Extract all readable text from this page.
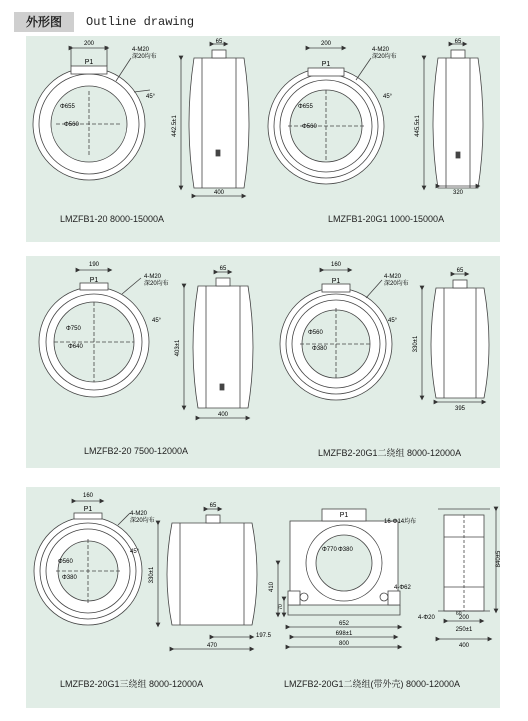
外形图	Outline drawing
200
P1
4-M20
深20均布
45°
Φ655
Φ560
65
442.5±1
400
200
P1
4-M20
深20均布
45°
Φ655
Φ560
65
445.5±1
320
LMZFB1-20 8000-15000A	LMZFB1-20G1 1000-15000A
190
P1	4-M20
深20均布
45°
Φ750
Φ640
65
403±1
400
160
P1
4-M20
深20均布
45°
Φ560
Φ380
65
330±1
395
LMZFB2-20 7500-12000A	LMZFB2-20G1二绕组 8000-12000A
160
P1
4-M20
深20均布
45°
Φ560
Φ380
65
330±1
197.5
470
P1
16-Φ14均布
Φ770 Φ380
4-Φ62
410
70
652
698±1
800
840±5
4-Φ20
60
200
250±1
400
LMZFB2-20G1三绕组 8000-12000A	LMZFB2-20G1二绕组(带外壳) 8000-12000A
